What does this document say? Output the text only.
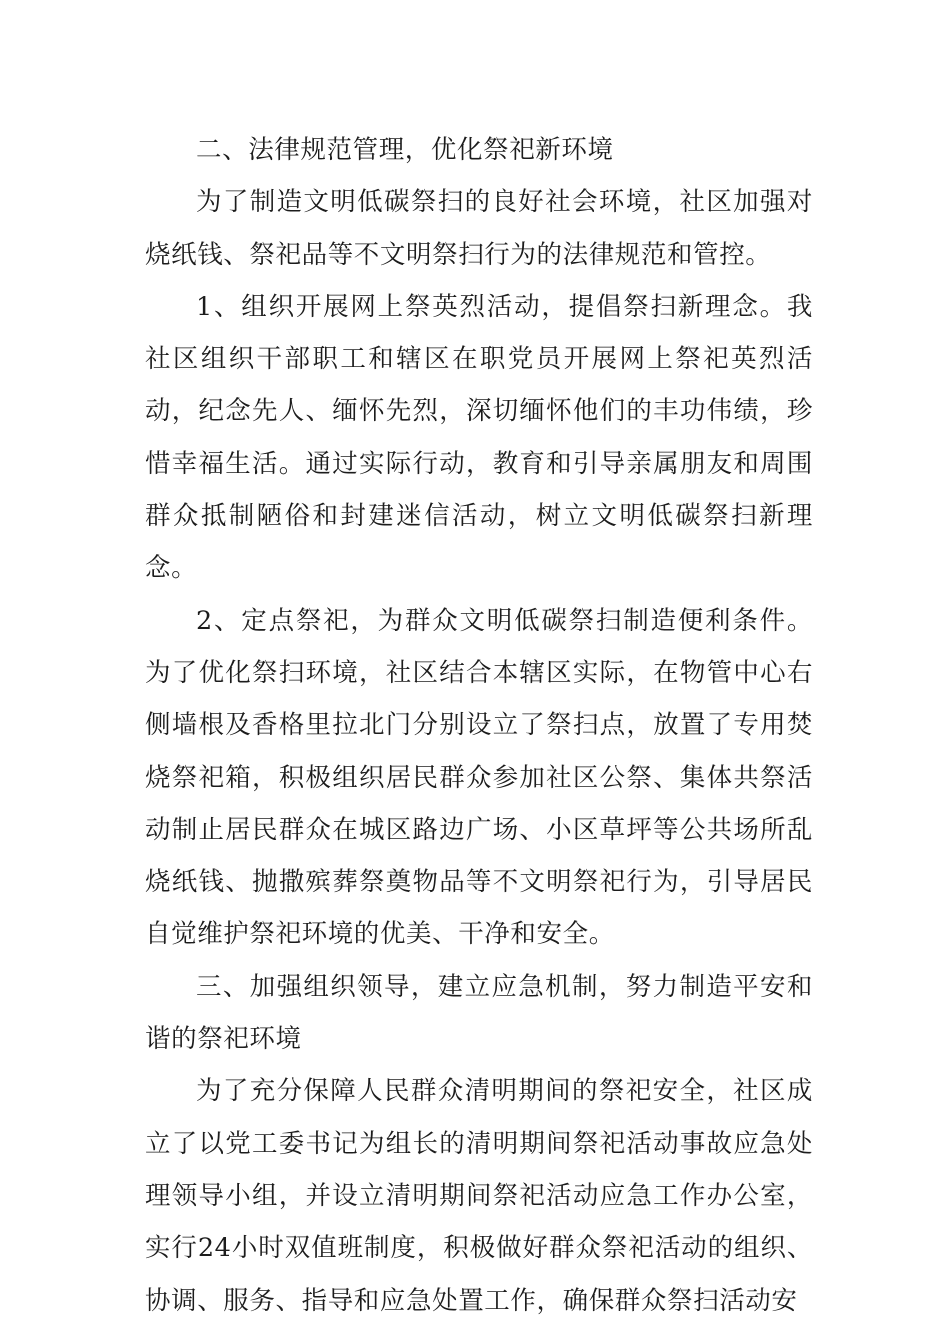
二、法律规范管理，优化祭祀新环境

为了制造文明低碳祭扫的良好社会环境，社区加强对烧纸钱、祭祀品等不文明祭扫行为的法律规范和管控。

1、组织开展网上祭英烈活动，提倡祭扫新理念。我社区组织干部职工和辖区在职党员开展网上祭祀英烈活动，纪念先人、缅怀先烈，深切缅怀他们的丰功伟绩，珍惜幸福生活。通过实际行动，教育和引导亲属朋友和周围群众抵制陋俗和封建迷信活动，树立文明低碳祭扫新理念。

2、定点祭祀，为群众文明低碳祭扫制造便利条件。为了优化祭扫环境，社区结合本辖区实际，在物管中心右侧墙根及香格里拉北门分别设立了祭扫点，放置了专用焚烧祭祀箱，积极组织居民群众参加社区公祭、集体共祭活动制止居民群众在城区路边广场、小区草坪等公共场所乱烧纸钱、抛撒殡葬祭奠物品等不文明祭祀行为，引导居民自觉维护祭祀环境的优美、干净和安全。

三、加强组织领导，建立应急机制，努力制造平安和谐的祭祀环境

为了充分保障人民群众清明期间的祭祀安全，社区成立了以党工委书记为组长的清明期间祭祀活动事故应急处理领导小组，并设立清明期间祭祀活动应急工作办公室，实行24小时双值班制度，积极做好群众祭祀活动的组织、协调、服务、指导和应急处置工作，确保群众祭扫活动安
